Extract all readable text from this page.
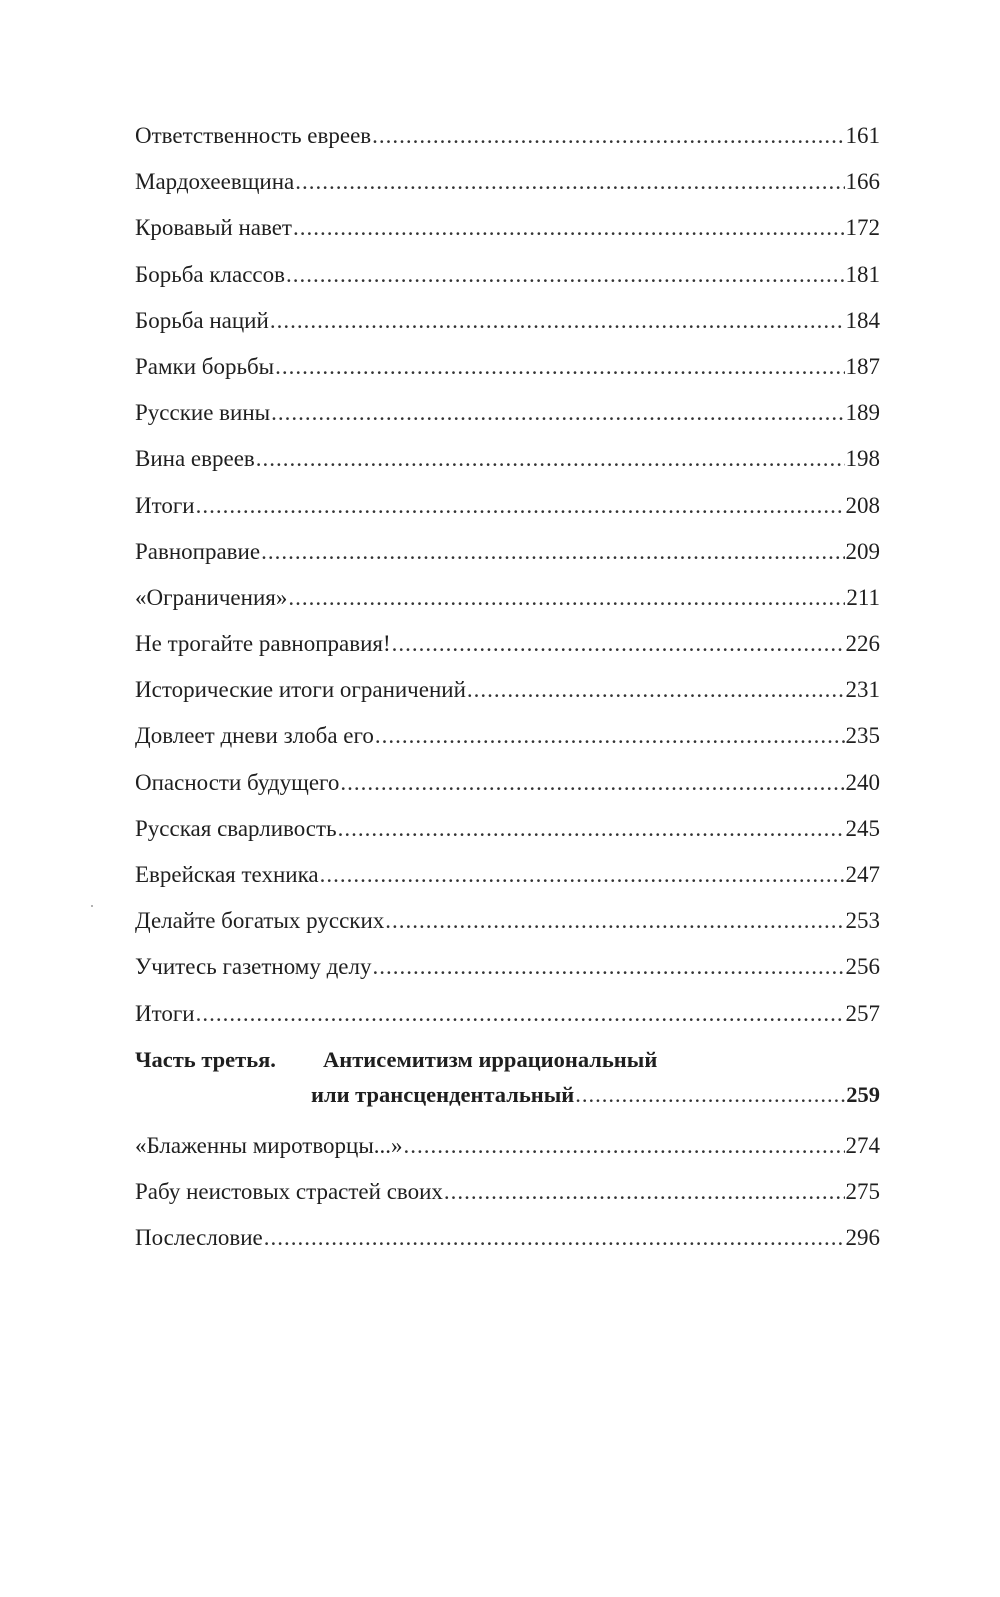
Ответственность евреев .....	161
Мардохеевщина .....	166
Кровавый навет .....	172
Борьба классов .....	181
Борьба наций .....	184
Рамки борьбы .....	187
Русские вины .....	189
Вина евреев .....	198
Итоги .....	208
Равноправие .....	209
«Ограничения» .....	211
Не трогайте равноправия! .....	226
Исторические итоги ограничений .....	231
Довлеет дневи злоба его .....	235
Опасности будущего .....	240
Русская сварливость .....	245
Еврейская техника .....	247
Делайте богатых русских .....	253
Учитесь газетному делу .....	256
Итоги .....	257
Часть третья. Антисемитизм иррациональный
или трансцендентальный .....	259
«Блаженны миротворцы...» .....	274
Рабу неистовых страстей своих .....	275
Послесловие .....	296
